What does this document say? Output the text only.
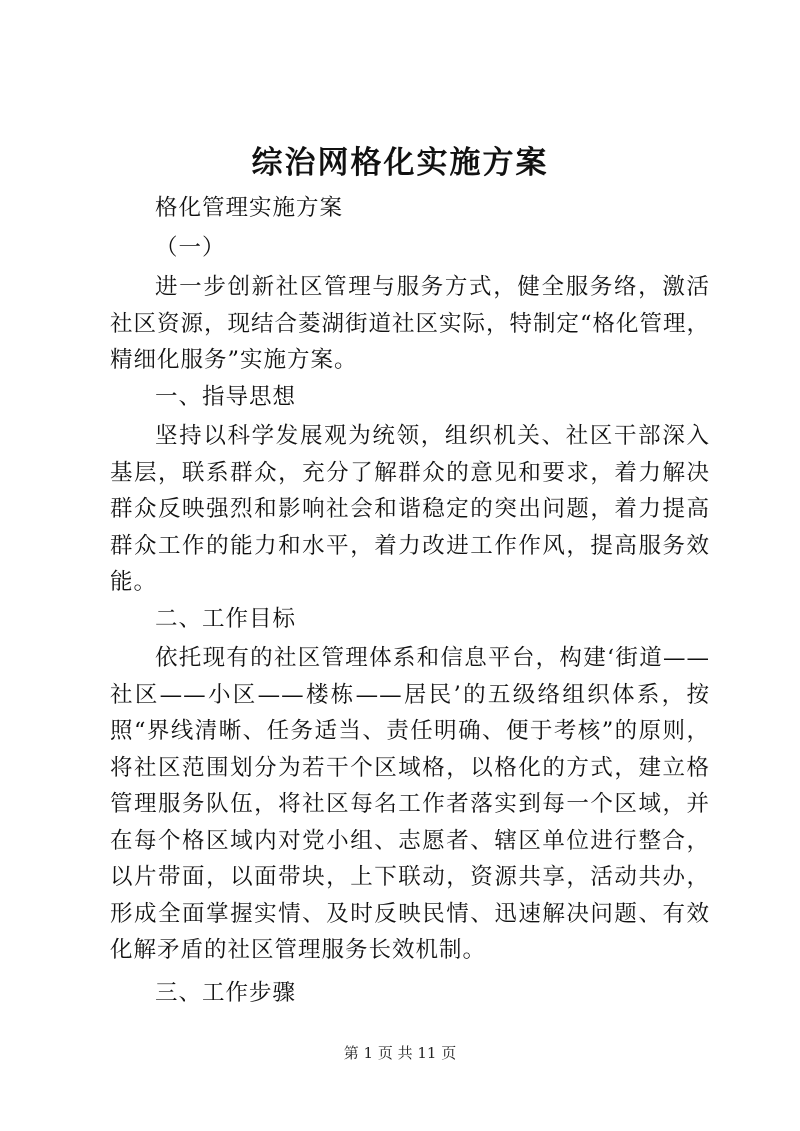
综治网格化实施方案

格化管理实施方案

（一）

进一步创新社区管理与服务方式，健全服务络，激活社区资源，现结合菱湖街道社区实际，特制定“格化管理，精细化服务”实施方案。

一、指导思想

坚持以科学发展观为统领，组织机关、社区干部深入基层，联系群众，充分了解群众的意见和要求，着力解决群众反映强烈和影响社会和谐稳定的突出问题，着力提高群众工作的能力和水平，着力改进工作作风，提高服务效能。

二、工作目标

依托现有的社区管理体系和信息平台，构建‘街道——社区——小区——楼栋——居民’的五级络组织体系，按照“界线清晰、任务适当、责任明确、便于考核”的原则，将社区范围划分为若干个区域格，以格化的方式，建立格管理服务队伍，将社区每名工作者落实到每一个区域，并在每个格区域内对党小组、志愿者、辖区单位进行整合，以片带面，以面带块，上下联动，资源共享，活动共办，形成全面掌握实情、及时反映民情、迅速解决问题、有效化解矛盾的社区管理服务长效机制。

三、工作步骤

第 1 页 共 11 页
